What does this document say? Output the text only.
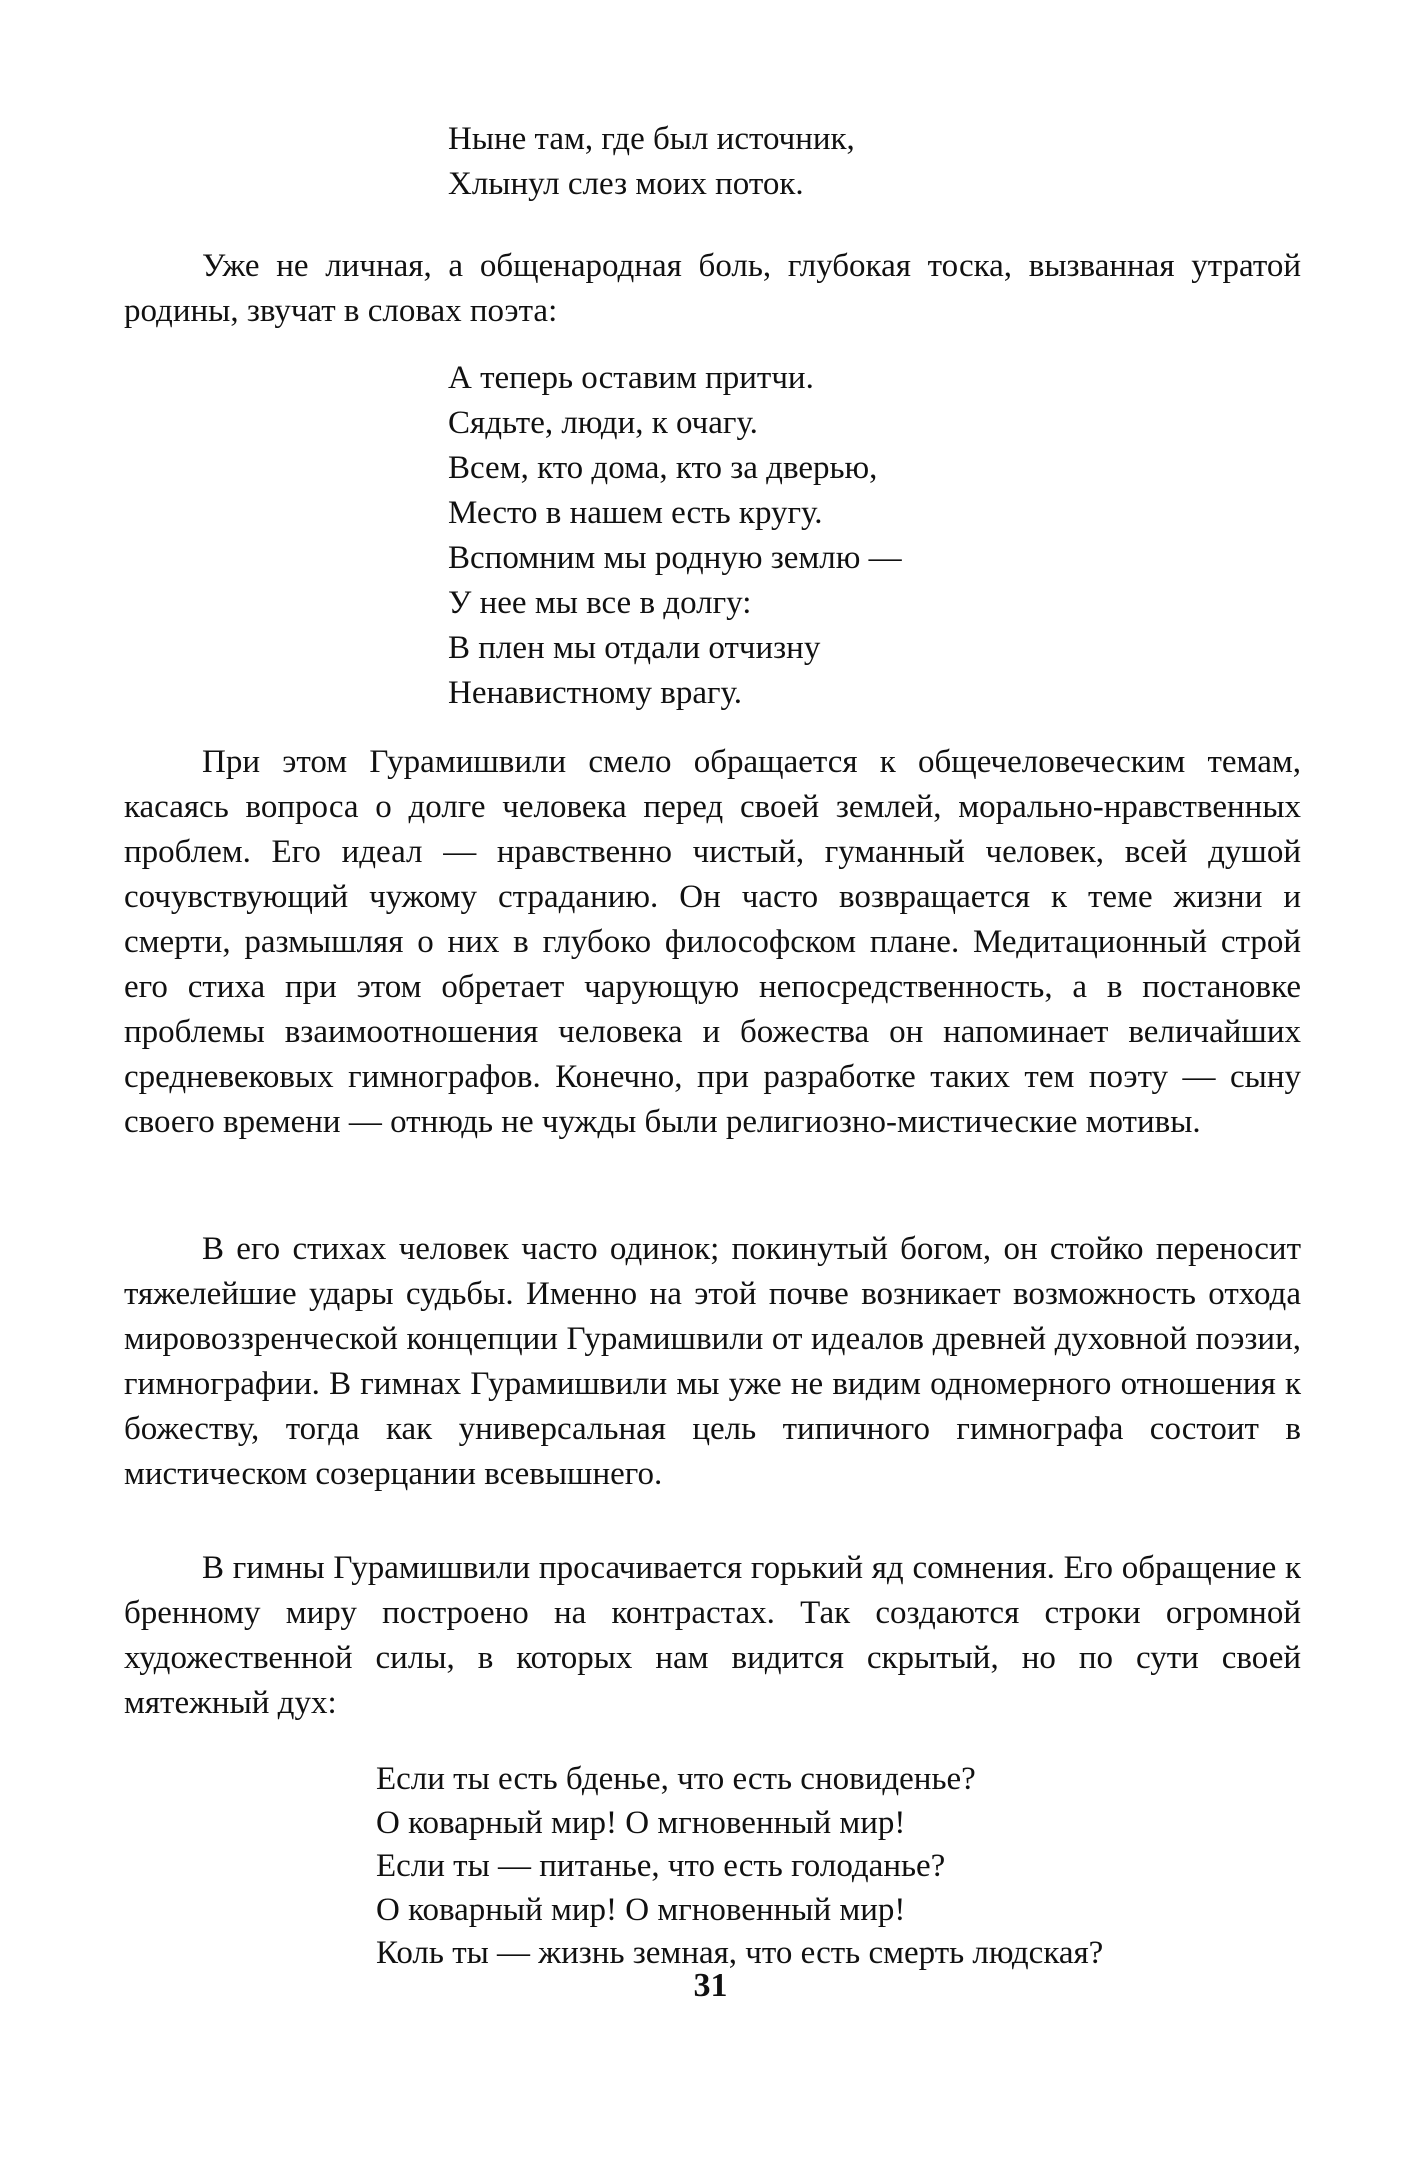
Ныне там, где был источник,
Хлынул слез моих поток.

Уже не личная, а общенародная боль, глубокая тоска, вызванная утратой родины, звучат в словах поэта:

А теперь оставим притчи.
Сядьте, люди, к очагу.
Всем, кто дома, кто за дверью,
Место в нашем есть кругу.
Вспомним мы родную землю —
У нее мы все в долгу:
В плен мы отдали отчизну
Ненавистному врагу.

При этом Гурамишвили смело обращается к общечеловеческим темам, касаясь вопроса о долге человека перед своей землей, морально-нравственных проблем. Его идеал — нравственно чистый, гуманный человек, всей душой сочувствующий чужому страданию. Он часто возвращается к теме жизни и смерти, размышляя о них в глубоко философском плане. Медитационный строй его стиха при этом обретает чарующую непосредственность, а в постановке проблемы взаимоотношения человека и божества он напоминает величайших средневековых гимнографов. Конечно, при разработке таких тем поэту — сыну своего времени — отнюдь не чужды были религиозно-мистические мотивы.

В его стихах человек часто одинок; покинутый богом, он стойко переносит тяжелейшие удары судьбы. Именно на этой почве возникает возможность отхода мировоззренческой концепции Гурамишвили от идеалов древней духовной поэзии, гимнографии. В гимнах Гурамишвили мы уже не видим одномерного отношения к божеству, тогда как универсальная цель типичного гимнографа состоит в мистическом созерцании всевышнего.

В гимны Гурамишвили просачивается горький яд сомнения. Его обращение к бренному миру построено на контрастах. Так создаются строки огромной художественной силы, в которых нам видится скрытый, но по сути своей мятежный дух:

Если ты есть бденье, что есть сновиденье?
О коварный мир! О мгновенный мир!
Если ты — питанье, что есть голоданье?
О коварный мир! О мгновенный мир!
Коль ты — жизнь земная, что есть смерть людская?
31
